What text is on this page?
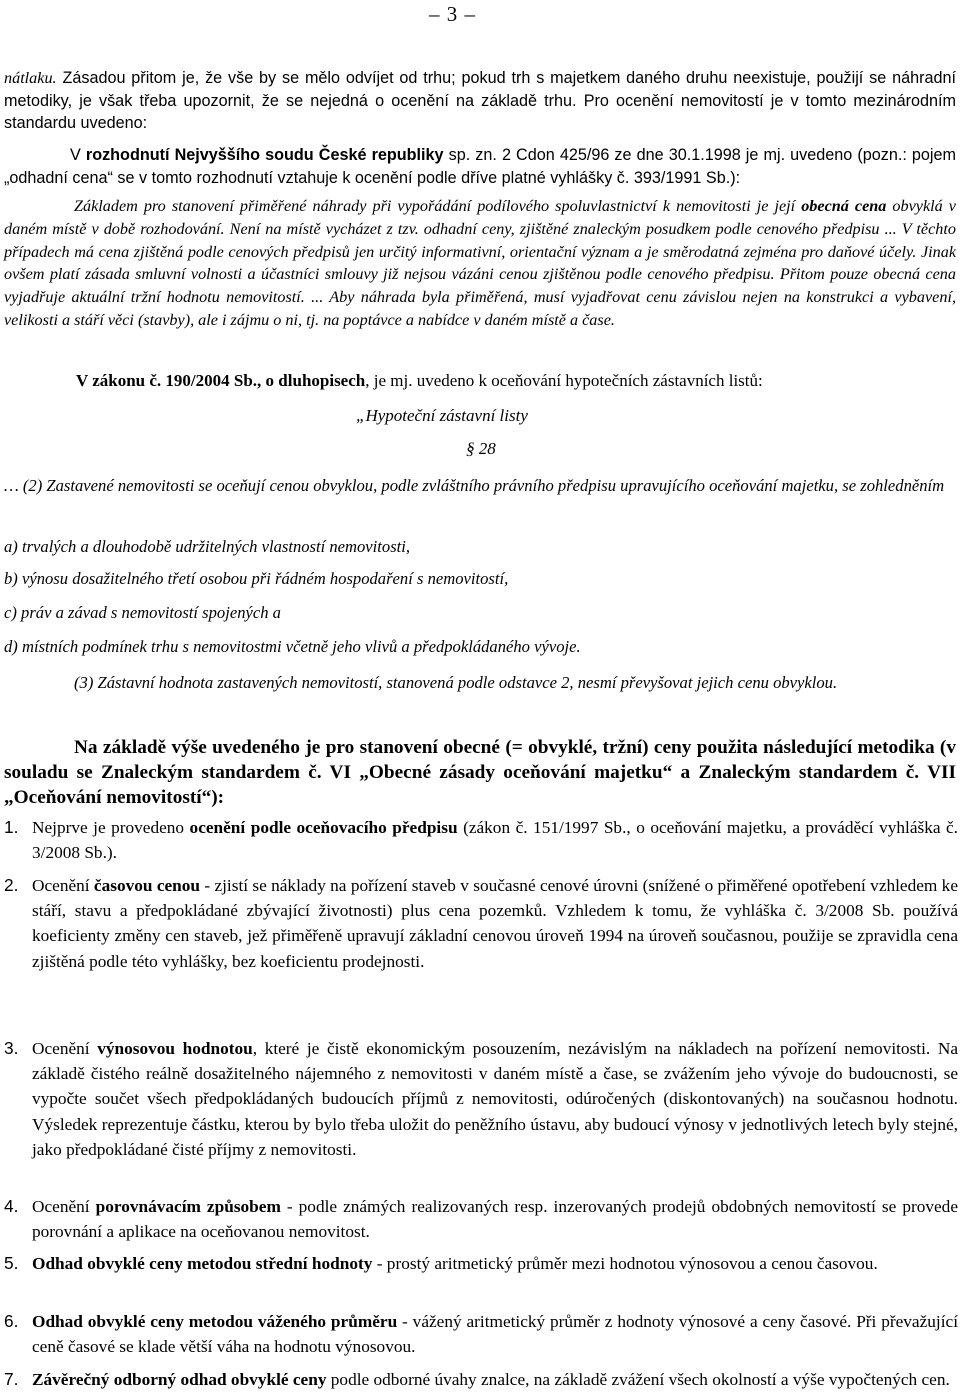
– 3 –
nátlaku. Zásadou přitom je, že vše by se mělo odvíjet od trhu; pokud trh s majetkem daného druhu neexistuje, použijí se náhradní metodiky, je však třeba upozornit, že se nejedná o ocenění na základě trhu. Pro ocenění nemovitostí je v tomto mezinárodním standardu uvedeno:
V rozhodnutí Nejvyššího soudu České republiky sp. zn. 2 Cdon 425/96 ze dne 30.1.1998 je mj. uvedeno (pozn.: pojem „odhadní cena“ se v tomto rozhodnutí vztahuje k ocenění podle dříve platné vyhlášky č. 393/1991 Sb.):
Základem pro stanovení přiměřené náhrady při vypořádání podílového spoluvlastnictví k nemovitosti je její obecná cena obvyklá v daném místě v době rozhodování. Není na místě vycházet z tzv. odhadní ceny, zjištěné znaleckým posudkem podle cenového předpisu ... V těchto případech má cena zjištěná podle cenových předpisů jen určitý informativní, orientační význam a je směrodatná zejména pro daňové účely. Jinak ovšem platí zásada smluvní volnosti a účastníci smlouvy již nejsou vázáni cenou zjištěnou podle cenového předpisu. Přitom pouze obecná cena vyjadřuje aktuální tržní hodnotu nemovitostí. ... Aby náhrada byla přiměřená, musí vyjadřovat cenu závislou nejen na konstrukci a vybavení, velikosti a stáří věci (stavby), ale i zájmu o ni, tj. na poptávce a nabídce v daném místě a čase.
V zákonu č. 190/2004 Sb., o dluhopisech, je mj. uvedeno k oceňování hypotečních zástavních listů:
„Hypoteční zástavní listy
§ 28
… (2) Zastavené nemovitosti se oceňují cenou obvyklou, podle zvláštního právního předpisu upravujícího oceňování majetku, se zohledněním
a) trvalých a dlouhodobě udržitelných vlastností nemovitosti,
b) výnosu dosažitelného třetí osobou při řádném hospodaření s nemovitostí,
c) práv a závad s nemovitostí spojených a
d) místních podmínek trhu s nemovitostmi včetně jeho vlivů a předpokládaného vývoje.
(3) Zástavní hodnota zastavených nemovitostí, stanovená podle odstavce 2, nesmí převyšovat jejich cenu obvyklou.
Na základě výše uvedeného je pro stanovení obecné (= obvyklé, tržní) ceny použita následující metodika (v souladu se Znaleckým standardem č. VI „Obecné zásady oceňování majetku“ a Znaleckým standardem č. VII „Oceňování nemovitostí“):
1. Nejprve je provedeno ocenění podle oceňovacího předpisu (zákon č. 151/1997 Sb., o oceňování majetku, a prováděcí vyhláška č. 3/2008 Sb.).
2. Ocenění časovou cenou - zjistí se náklady na pořízení staveb v současné cenové úrovni (snížené o přiměřené opotřebení vzhledem ke stáří, stavu a předpokládané zbývající životnosti) plus cena pozemků. Vzhledem k tomu, že vyhláška č. 3/2008 Sb. používá koeficienty změny cen staveb, jež přiměřeně upravují základní cenovou úroveň 1994 na úroveň současnou, použije se zpravidla cena zjištěná podle této vyhlášky, bez koeficientu prodejnosti.
3. Ocenění výnosovou hodnotou, které je čistě ekonomickým posouzením, nezávislým na nákladech na pořízení nemovitosti. Na základě čistého reálně dosažitelného nájemného z nemovitosti v daném místě a čase, se zvážením jeho vývoje do budoucnosti, se vypočte součet všech předpokládaných budoucích příjmů z nemovitosti, odúročených (diskontovaných) na současnou hodnotu. Výsledek reprezentuje částku, kterou by bylo třeba uložit do peněžního ústavu, aby budoucí výnosy v jednotlivých letech byly stejné, jako předpokládané čisté příjmy z nemovitosti.
4. Ocenění porovnávacím způsobem - podle známých realizovaných resp. inzerovaných prodejů obdobných nemovitostí se provede porovnání a aplikace na oceňovanou nemovitost.
5. Odhad obvyklé ceny metodou střední hodnoty - prostý aritmetický průměr mezi hodnotou výnosovou a cenou časovou.
6. Odhad obvyklé ceny metodou váženého průměru - vážený aritmetický průměr z hodnoty výnosové a ceny časové. Při převažující ceně časové se klade větší váha na hodnotu výnosovou.
7. Závěrečný odborný odhad obvyklé ceny podle odborné úvahy znalce, na základě zvážení všech okolností a výše vypočtených cen.
